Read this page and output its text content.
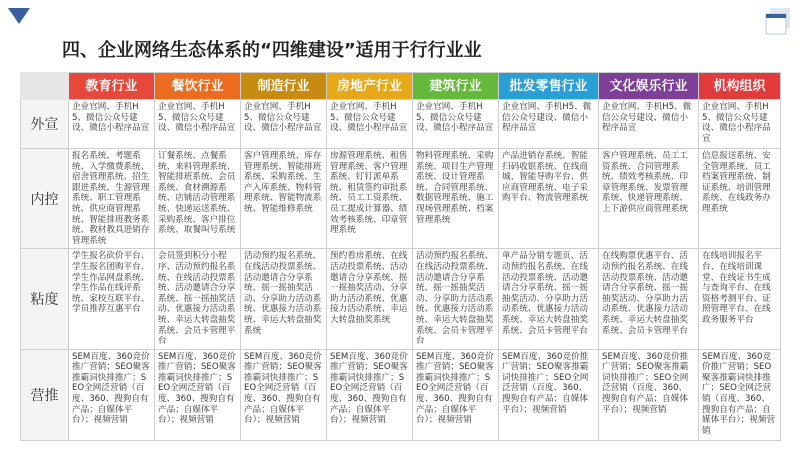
四、企业网络生态体系的“四维建设”适用于行行业业
	教育行业	餐饮行业	制造行业	房地产行业	建筑行业	批发零售行业	文化娱乐行业	机构组织
外宣	企业官网、手机H5、微信公众号建设、微信小程序品宣	企业官网、手机H5、微信公众号建设、微信小程序品宣	企业官网、手机H5、微信公众号建设、微信小程序品宣	企业官网、手机H5、微信公众号建设、微信小程序品宣	企业官网、手机H5、微信公众号建设、微信小程序品宣	企业官网、手机H5、微信公众号建设、微信小程序品宣	企业官网、手机H5、微信公众号建设、微信小程序品宣	企业官网、手机H5、微信公众号建设、微信小程序品宣
内控	报名系统、考题系统、入学缴费系统、宿舍管理系统、招生跟进系统、生源管理系统、职工管理系统、供应商管理系统、智能排班教务系统、教材教具进销存管理系统	订餐系统、点餐系统、来料管理系统、智能排班系统、会员系统、食材溯源系统、店铺活动管理系统、快递运送系统、采购系统、客户排位系统、取餐叫号系统	客户管理系统、库存管理系统、智能排班系统、采购系统、生产入库系统、物料管理系统、智能物流系统、智能维修系统	房源管理系统、租售管理系统、客户管理系统、钉钉派单系统、租赁签约审批系统、员工工资系统、员工提成计算器、绩效考核系统、印章管理系统	物料管理系统、采购系统、项目生产管理系统、设计管理系统、合同管理系统、数据管理系统、施工现场管理系统、档案管理系统	产品进销存系统、智能扫码收银系统、在线商城、智能导购平台、供应商管理系统、电子采购平台、物流管理系统	客户管理系统、员工工资系统、合同管理系统、绩效考核系统、印章管理系统、发票管理系统、快递管理系统、上下游供应商管理系统	信息报送系统、安全管理系统、员工档案管理系统、制证系统、培训管理系统、在线政务办理系统
粘度	学生报名砍价平台、学生报名团购平台、学生作品网盘系统、学生作品在线评系统、家校互联平台、学员推荐互惠平台	会员签到积分小程序、活动预约报名系统、在线活动投票系统、活动邀请合分享系统、摇一摇抽奖活动、优惠接力活动系统、幸运大转盘抽奖系统、会员卡管理平台	活动预约报名系统、在线活动投票系统、活动邀请合分享系统、摇一摇抽奖活动、分享助力活动系统、优惠接力活动系统、幸运大转盘抽奖系统	预约看房系统、在线活动投票系统、活动邀请合分享系统、摇一摇抽奖活动、分享助力活动系统、优惠接力活动系统、幸运大转盘抽奖系统	活动预约报名系统、在线活动投票系统、活动邀请合分享系统、摇一摇抽奖活动、分享助力活动系统、优惠接力活动系统、幸运大转盘抽奖系统、会员卡管理平台	单产品分销专题页、活动预约报名系统、在线活动投票系统、活动邀请合分享系统、摇一摇抽奖活动、分享助力活动系统、优惠接力活动系统、幸运大转盘抽奖系统、会员卡管理平台	在线购票优惠平台、活动预约报名系统、在线活动投票系统、活动邀请合分享系统、摇一摇抽奖活动、分享助力活动系统、优惠接力活动系统、幸运大转盘抽奖系统、会员卡管理平台	在线培训报名平台、在线培训课堂、在线证书生成与查询平台、在线资格考测平台、证照管理平台、在线政务服务平台
营推	SEM百度、360竞价推广营销；SEO聚客推霸词快排推广；SEO全网泛营销（百度、360、搜狗自有产品；自媒体平台）；视频营销	SEM百度、360竞价推广营销；SEO聚客推霸词快排推广；SEO全网泛营销（百度、360、搜狗自有产品；自媒体平台）；视频营销	SEM百度、360竞价推广营销；SEO聚客推霸词快排推广；SEO全网泛营销（百度、360、搜狗自有产品；自媒体平台）；视频营销	SEM百度、360竞价推广营销；SEO聚客推霸词快排推广；SEO全网泛营销（百度、360、搜狗自有产品；自媒体平台）；视频营销	SEM百度、360竞价推广营销；SEO聚客推霸词快排推广；SEO全网泛营销（百度、360、搜狗自有产品；自媒体平台）；视频营销	SEM百度、360竞价推广营销；SEO聚客推霸词快排推广；SEO全网泛营销（百度、360、搜狗自有产品；自媒体平台）；视频营销	SEM百度、360竞价推广营销；SEO聚客推霸词快排推广；SEO全网泛营销（百度、360、搜狗自有产品；自媒体平台）；视频营销	SEM百度、360竞价推广营销；SEO聚客推霸词快排推广；SEO全网泛营销（百度、360、搜狗自有产品；自媒体平台）；视频营销
